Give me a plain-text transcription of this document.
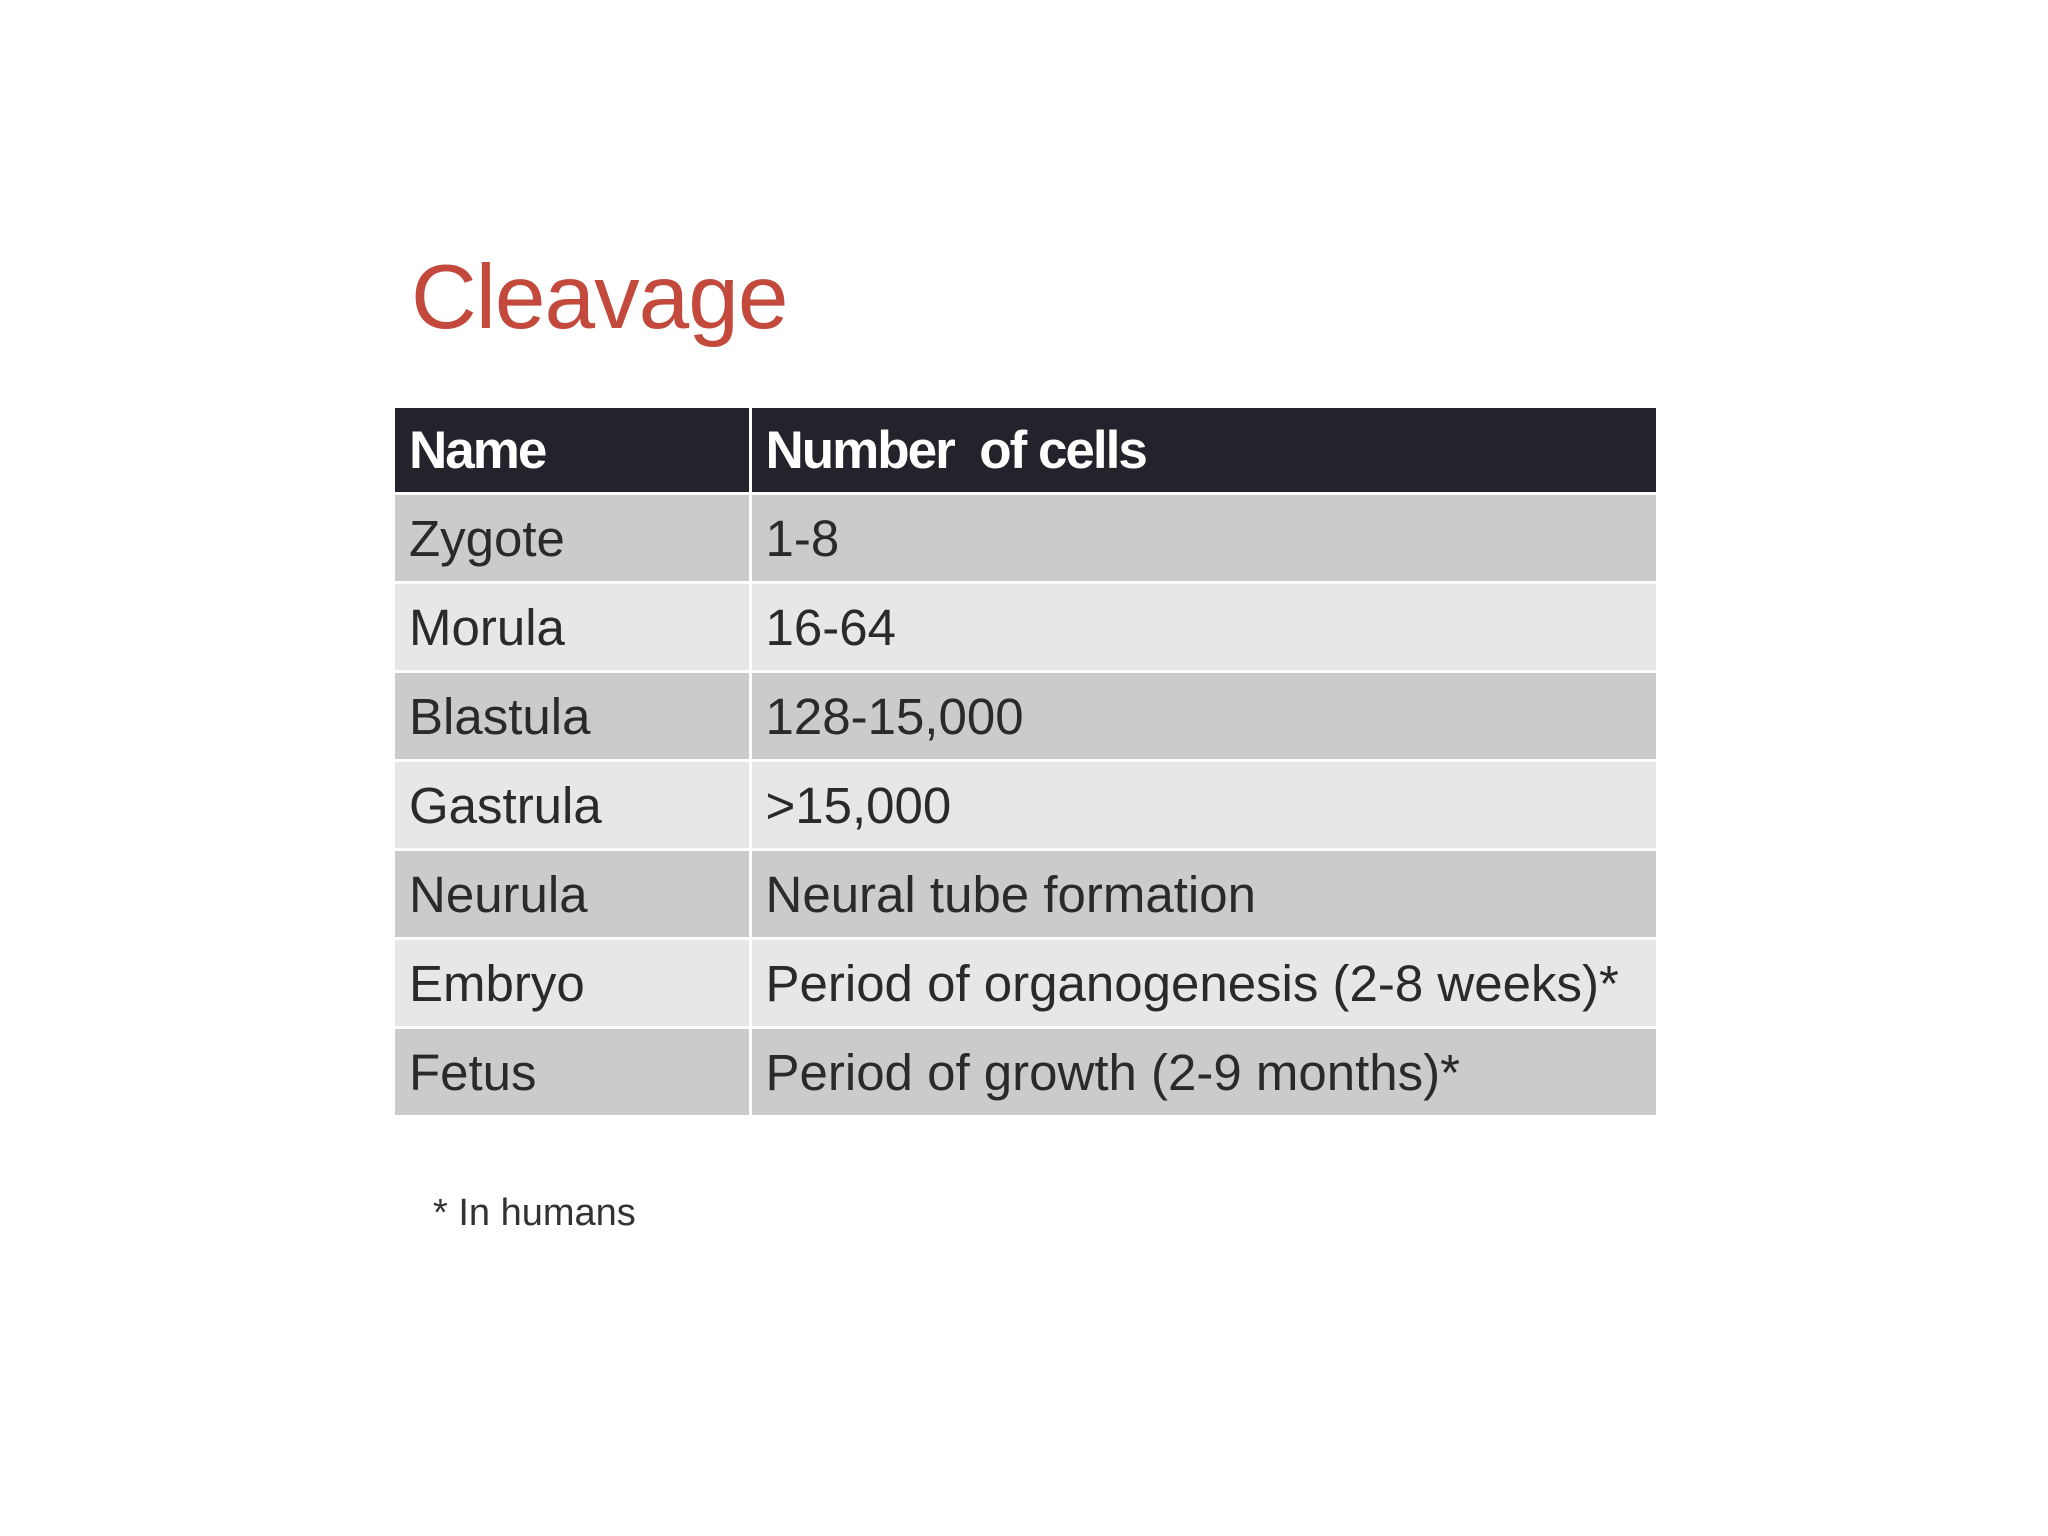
Cleavage
Name	Number  of cells
Zygote	1-8
Morula	16-64
Blastula	128-15,000
Gastrula	>15,000
Neurula	Neural tube formation
Embryo	Period of organogenesis (2-8 weeks)*
Fetus	Period of growth (2-9 months)*
* In humans
